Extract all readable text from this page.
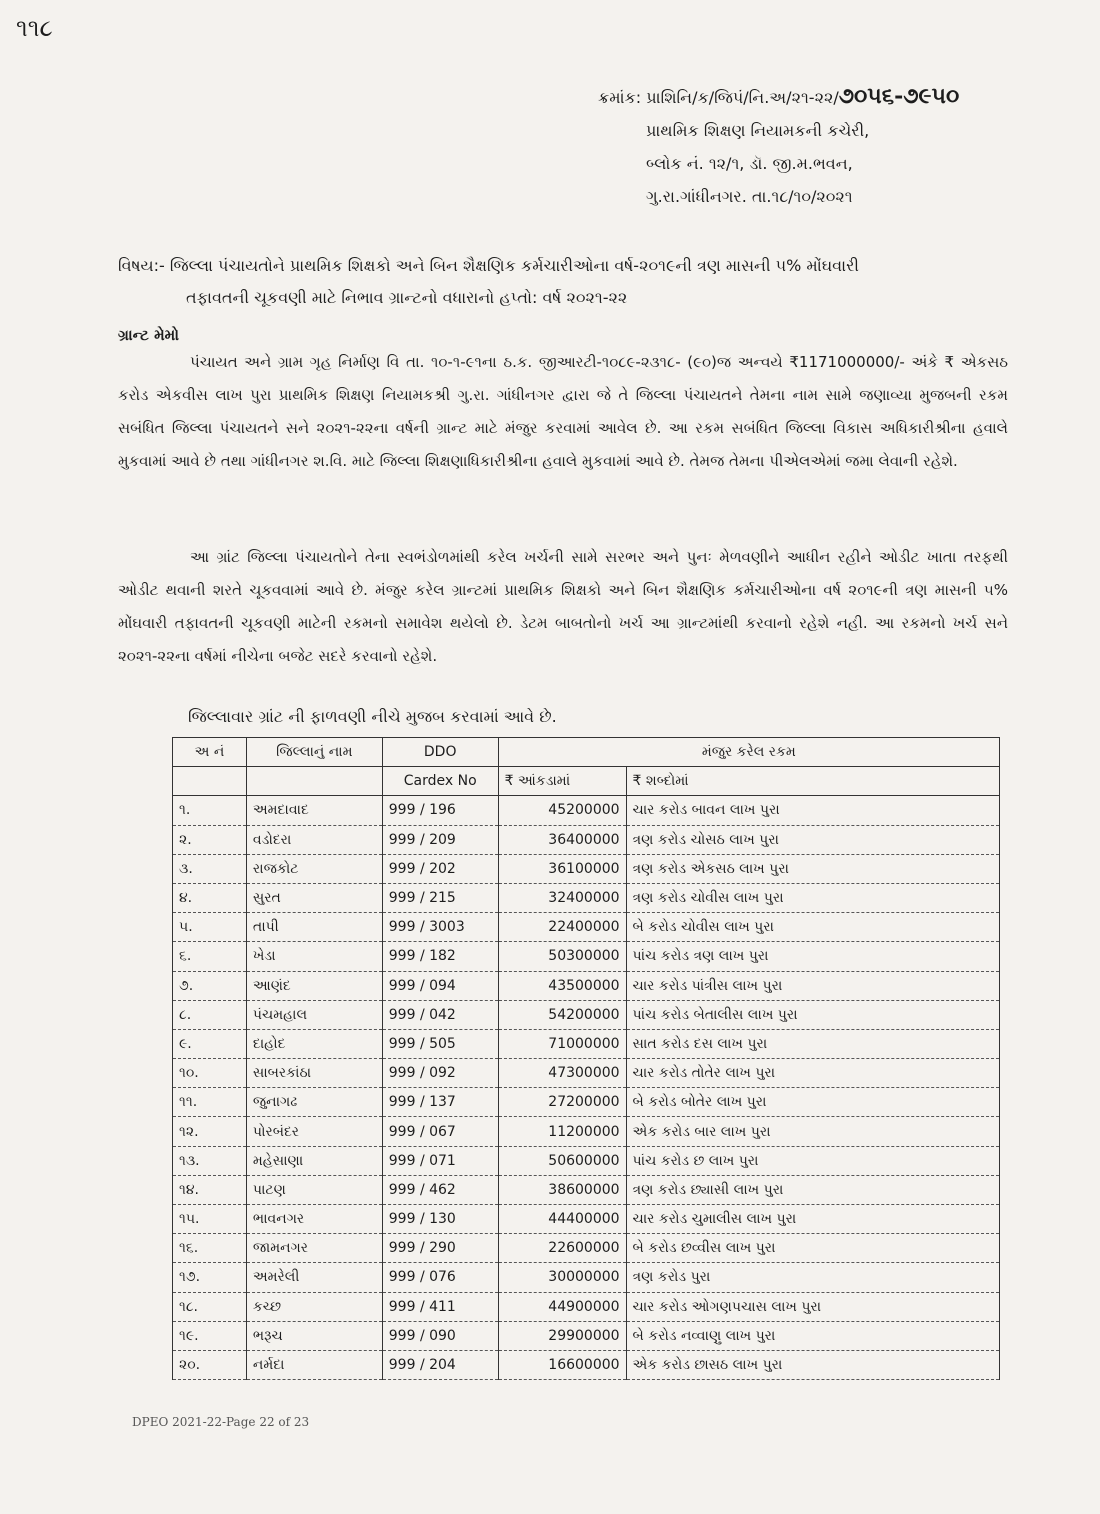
૧૧૮
ક્રમાંક: પ્રાશિનિ/ક/જિપં/નિ.અ/૨૧-૨૨/૭૦૫૬-૭૯૫૦
પ્રાથમિક શિક્ષણ નિયામકની કચેરી,
બ્લોક નં. ૧૨/૧, ડૉ. જી.મ.ભવન,
ગુ.રા.ગાંધીનગર. તા.૧૮/૧૦/૨૦૨૧
વિષય:- જિલ્લા પંચાયતોને પ્રાથમિક શિક્ષકો અને બિન શૈક્ષણિક કર્મચારીઓના વર્ષ-૨૦૧૯ની ત્રણ માસની ૫% મોંઘવારી
તફાવતની ચૂકવણી માટે નિભાવ ગ્રાન્ટનો વધારાનો હપ્તો: વર્ષ ૨૦૨૧-૨૨
ગ્રાન્ટ મેમો
પંચાયત અને ગ્રામ ગૃહ નિર્માણ વિ તા. ૧૦-૧-૯૧ના ઠ.ક. જીઆરટી-૧૦૮૯-૨૩૧૮- (૯૦)જ અન્વયે ₹1171000000/- અંકે ₹ એકસઠ કરોડ એકવીસ લાખ પુરા પ્રાથમિક શિક્ષણ નિયામકશ્રી ગુ.રા. ગાંધીનગર દ્વારા જે તે જિલ્લા પંચાયતને તેમના નામ સામે જણાવ્યા મુજબની રકમ સબંધિત જિલ્લા પંચાયતને સને ૨૦૨૧-૨૨ના વર્ષની ગ્રાન્ટ માટે મંજુર કરવામાં આવેલ છે. આ રકમ સબંધિત જિલ્લા વિકાસ અધિકારીશ્રીના હવાલે મુકવામાં આવે છે તથા ગાંધીનગર શ.વિ. માટે જિલ્લા શિક્ષણાધિકારીશ્રીના હવાલે મુકવામાં આવે છે. તેમજ તેમના પીએલએમાં જમા લેવાની રહેશે.
આ ગ્રાંટ જિલ્લા પંચાયતોને તેના સ્વભંડોળમાંથી કરેલ ખર્ચની સામે સરભર અને પુનઃ મેળવણીને આધીન રહીને ઓડીટ ખાતા તરફથી ઓડીટ થવાની શરતે ચૂકવવામાં આવે છે. મંજુર કરેલ ગ્રાન્ટમાં પ્રાથમિક શિક્ષકો અને બિન શૈક્ષણિક કર્મચારીઓના વર્ષ ૨૦૧૯ની ત્રણ માસની ૫% મોંઘવારી તફાવતની ચૂકવણી માટેની રકમનો સમાવેશ થયેલો છે. ડેટમ બાબતોનો ખર્ચ આ ગ્રાન્ટમાંથી કરવાનો રહેશે નહી. આ રકમનો ખર્ચ સને ૨૦૨૧-૨૨ના વર્ષમાં નીચેના બજેટ સદરે કરવાનો રહેશે.
જિલ્લાવાર ગ્રાંટ ની ફાળવણી નીચે મુજબ કરવામાં આવે છે.
અ નં	જિલ્લાનું નામ	DDO	મંજુર કરેલ રકમ	
		Cardex No	₹ આંકડામાં	₹ શબ્દોમાં
૧.	અમદાવાદ	999 / 196	45200000	ચાર કરોડ બાવન લાખ પુરા
૨.	વડોદરા	999 / 209	36400000	ત્રણ કરોડ ચોસઠ લાખ પુરા
૩.	રાજકોટ	999 / 202	36100000	ત્રણ કરોડ એકસઠ લાખ પુરા
૪.	સુરત	999 / 215	32400000	ત્રણ કરોડ ચોવીસ લાખ પુરા
૫.	તાપી	999 / 3003	22400000	બે કરોડ ચોવીસ લાખ પુરા
૬.	ખેડા	999 / 182	50300000	પાંચ કરોડ ત્રણ લાખ પુરા
૭.	આણંદ	999 / 094	43500000	ચાર કરોડ પાંત્રીસ લાખ પુરા
૮.	પંચમહાલ	999 / 042	54200000	પાંચ કરોડ બેતાલીસ લાખ પુરા
૯.	દાહોદ	999 / 505	71000000	સાત કરોડ દસ લાખ પુરા
૧૦.	સાબરકાંઠા	999 / 092	47300000	ચાર કરોડ તોતેર લાખ પુરા
૧૧.	જુનાગઢ	999 / 137	27200000	બે કરોડ બોતેર લાખ પુરા
૧૨.	પોરબંદર	999 / 067	11200000	એક કરોડ બાર લાખ પુરા
૧૩.	મહેસાણા	999 / 071	50600000	પાંચ કરોડ છ લાખ પુરા
૧૪.	પાટણ	999 / 462	38600000	ત્રણ કરોડ છ્યાસી લાખ પુરા
૧૫.	ભાવનગર	999 / 130	44400000	ચાર કરોડ ચુમાલીસ લાખ પુરા
૧૬.	જામનગર	999 / 290	22600000	બે કરોડ છવ્વીસ લાખ પુરા
૧૭.	અમરેલી	999 / 076	30000000	ત્રણ કરોડ પુરા
૧૮.	કચ્છ	999 / 411	44900000	ચાર કરોડ ઓગણપચાસ લાખ પુરા
૧૯.	ભરૂચ	999 / 090	29900000	બે કરોડ નવ્વાણુ લાખ પુરા
૨૦.	નર્મદા	999 / 204	16600000	એક કરોડ છાસઠ લાખ પુરા
DPEO 2021-22-Page 22 of 23
